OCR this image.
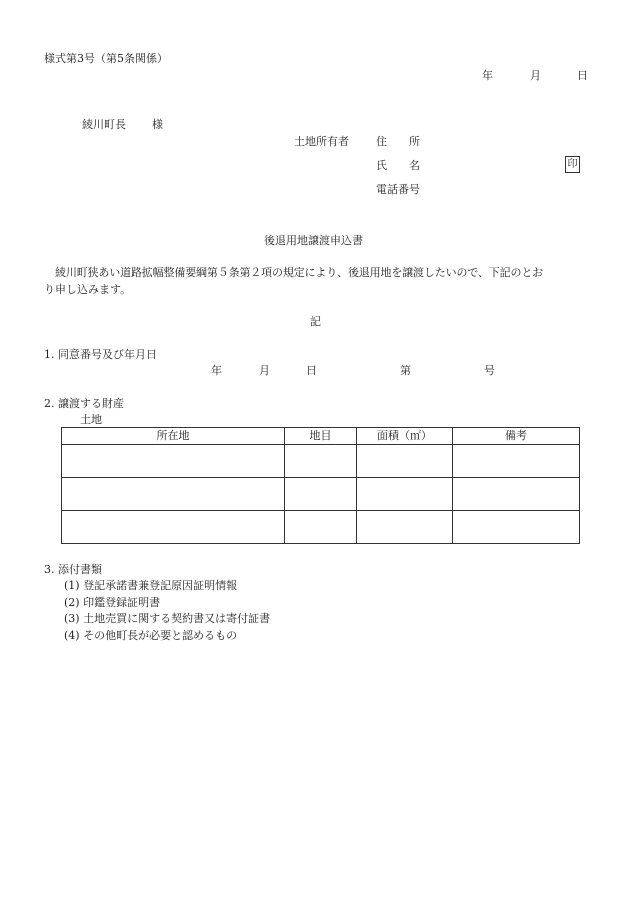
様式第3号（第5条関係）
年	月	日
綾川町長 様
土地所有者 住　　所
氏　　名	印
電話番号
後退用地譲渡申込書
綾川町狭あい道路拡幅整備要綱第５条第２項の規定により、後退用地を譲渡したいので、下記のとお
り申し込みます。
記
1. 同意番号及び年月日
年	月	日	第	号
2. 譲渡する財産
土地
所在地	地目	面積（㎡）	備考

3. 添付書類
(1) 登記承諾書兼登記原因証明情報
(2) 印鑑登録証明書
(3) 土地売買に関する契約書又は寄付証書
(4) その他町長が必要と認めるもの
